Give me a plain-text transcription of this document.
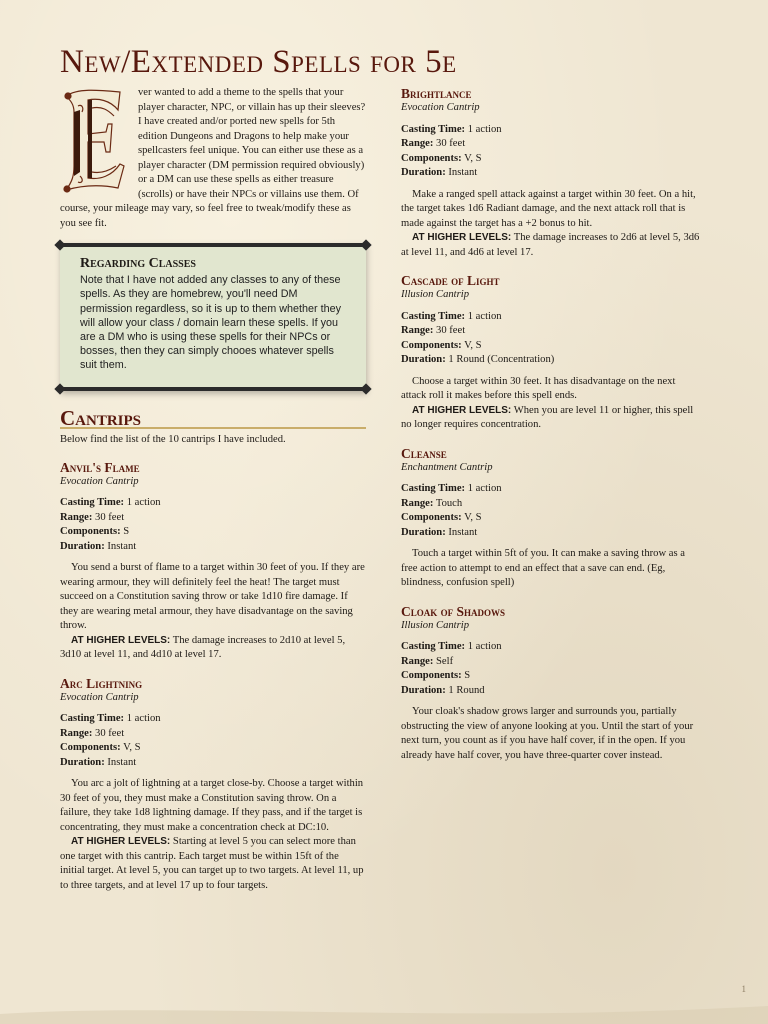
New/Extended Spells for 5e

ver wanted to add a theme to the spells that your player character, NPC, or villain has up their sleeves? I have created and/or ported new spells for 5th edition Dungeons and Dragons to help make your spellcasters feel unique. You can either use these as a player character (DM permission required obviously) or a DM can use these spells as either treasure (scrolls) or have their NPCs or villains use them. Of course, your mileage may vary, so feel free to tweak/modify these as you see fit.

Regarding Classes

Note that I have not added any classes to any of these spells. As they are homebrew, you'll need DM permission regardless, so it is up to them whether they will allow your class / domain learn these spells. If you are a DM who is using these spells for their NPCs or bosses, then they can simply chooes whatever spells suit them.

Cantrips

Below find the list of the 10 cantrips I have included.

Anvil's Flame

Evocation Cantrip

Casting Time: 1 action

Range: 30 feet

Components: S

Duration: Instant

You send a burst of flame to a target within 30 feet of you. If they are wearing armour, they will definitely feel the heat! The target must succeed on a Constitution saving throw or take 1d10 fire damage. If they are wearing metal armour, they have disadvantage on the saving throw.

AT HIGHER LEVELS: The damage increases to 2d10 at level 5, 3d10 at level 11, and 4d10 at level 17.

Arc Lightning

Evocation Cantrip

Casting Time: 1 action

Range: 30 feet

Components: V, S

Duration: Instant

You arc a jolt of lightning at a target close-by. Choose a target within 30 feet of you, they must make a Constitution saving throw. On a failure, they take 1d8 lightning damage. If they pass, and if the target is concentrating, they must make a concentration check at DC:10.

AT HIGHER LEVELS: Starting at level 5 you can select more than one target with this cantrip. Each target must be within 15ft of the initial target. At level 5, you can target up to two targets. At level 11, up to three targets, and at level 17 up to four targets.

Brightlance

Evocation Cantrip

Casting Time: 1 action

Range: 30 feet

Components: V, S

Duration: Instant

Make a ranged spell attack against a target within 30 feet. On a hit, the target takes 1d6 Radiant damage, and the next attack roll that is made against the target has a +2 bonus to hit.

AT HIGHER LEVELS: The damage increases to 2d6 at level 5, 3d6 at level 11, and 4d6 at level 17.

Cascade of Light

Illusion Cantrip

Casting Time: 1 action

Range: 30 feet

Components: V, S

Duration: 1 Round (Concentration)

Choose a target within 30 feet. It has disadvantage on the next attack roll it makes before this spell ends.

AT HIGHER LEVELS: When you are level 11 or higher, this spell no longer requires concentration.

Cleanse

Enchantment Cantrip

Casting Time: 1 action

Range: Touch

Components: V, S

Duration: Instant

Touch a target within 5ft of you. It can make a saving throw as a free action to attempt to end an effect that a save can end. (Eg, blindness, confusion spell)

Cloak of Shadows

Illusion Cantrip

Casting Time: 1 action

Range: Self

Components: S

Duration: 1 Round

Your cloak's shadow grows larger and surrounds you, partially obstructing the view of anyone looking at you. Until the start of your next turn, you count as if you have half cover, if in the open. If you already have half cover, you have three-quarter cover instead.

1
